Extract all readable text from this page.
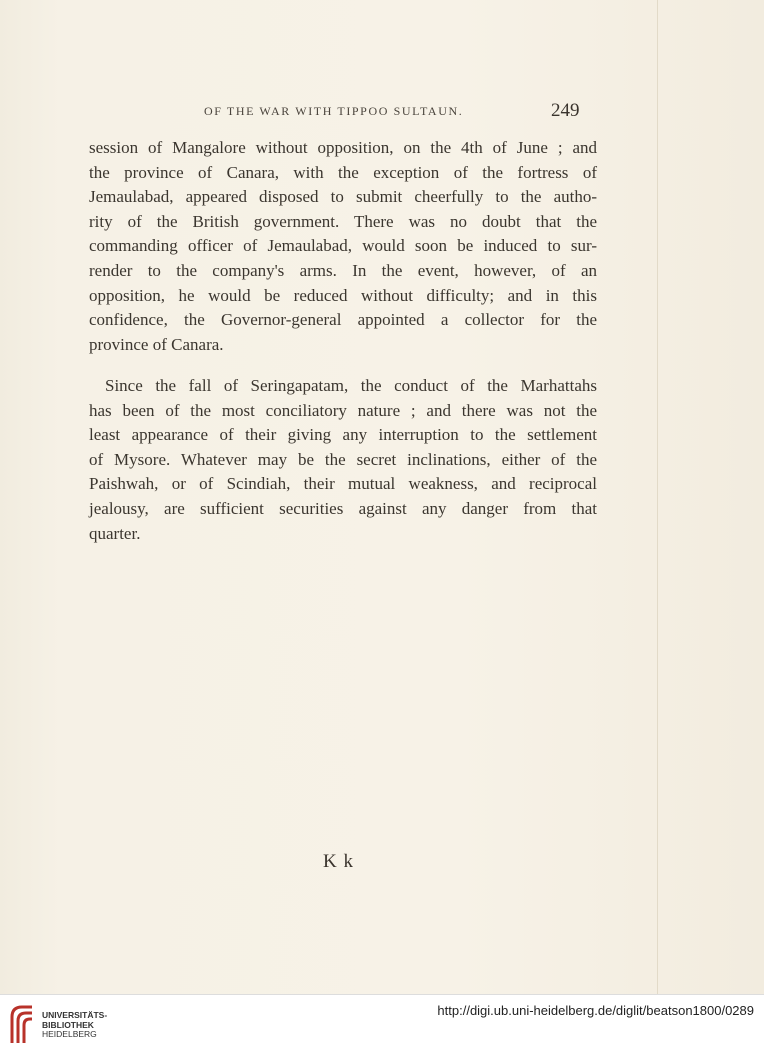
OF THE WAR WITH TIPPOO SULTAUN.	249
session of Mangalore without opposition, on the 4th of June ; and
the province of Canara, with the exception of the fortress of
Jemaulabad, appeared disposed to submit cheerfully to the autho-
rity of the British government. There was no doubt that the
commanding officer of Jemaulabad, would soon be induced to sur-
render to the company's arms. In the event, however, of an
opposition, he would be reduced without difficulty; and in this
confidence, the Governor-general appointed a collector for the
province of Canara.
Since the fall of Seringapatam, the conduct of the Marhattahs
has been of the most conciliatory nature ; and there was not the
least appearance of their giving any interruption to the settlement
of Mysore. Whatever may be the secret inclinations, either of the
Paishwah, or of Scindiah, their mutual weakness, and reciprocal
jealousy, are sufficient securities against any danger from that
quarter.
K k
UNIVERSITÄTS-
BIBLIOTHEK
HEIDELBERG
http://digi.ub.uni-heidelberg.de/diglit/beatson1800/0289
